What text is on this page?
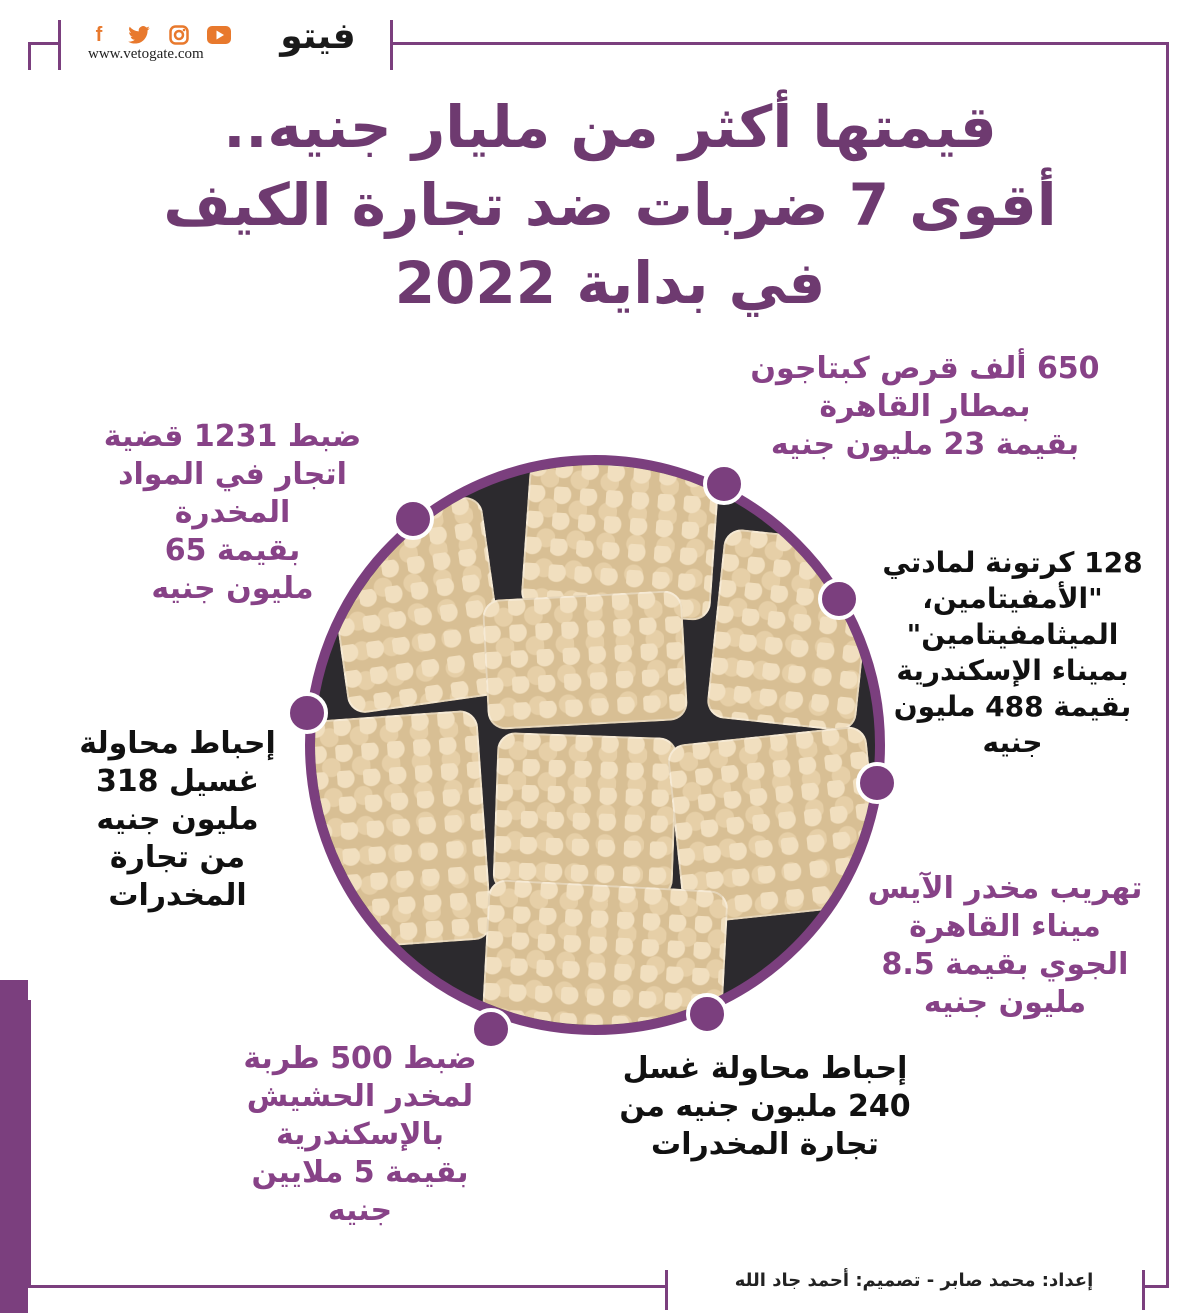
f
www.vetogate.com	فيتو
قيمتها أكثر من مليار جنيه..
أقوى 7 ضربات ضد تجارة الكيف
في بداية 2022
650 ألف قرص كبتاجون
بمطار القاهرة
بقيمة 23 مليون جنيه
128 كرتونة لمادتي
"الأمفيتامين،
الميثامفيتامين"
بميناء الإسكندرية
بقيمة 488 مليون
جنيه
تهريب مخدر الآيس
ميناء القاهرة
الجوي بقيمة 8.5
مليون جنيه
إحباط محاولة غسل
240 مليون جنيه من
تجارة المخدرات
ضبط 500 طربة
لمخدر الحشيش
بالإسكندرية
بقيمة 5 ملايين
جنيه
إحباط محاولة
غسيل 318
مليون جنيه
من تجارة
المخدرات
ضبط 1231 قضية
اتجار في المواد
المخدرة
بقيمة 65
مليون جنيه
إعداد: محمد صابر - تصميم: أحمد جاد الله
